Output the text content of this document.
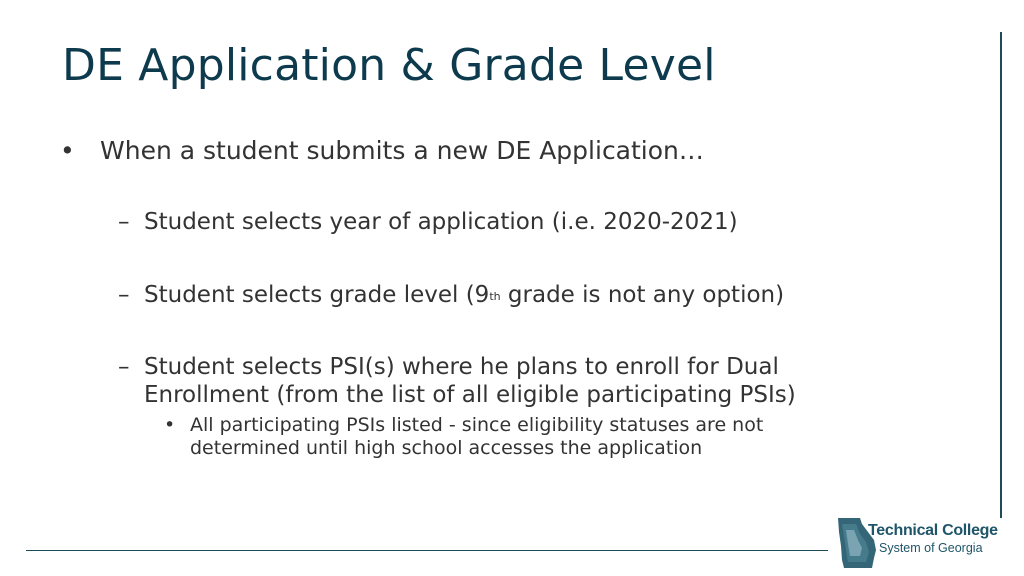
DE Application & Grade Level
• When a student submits a new DE Application…
– Student selects year of application (i.e. 2020-2021)
– Student selects grade level (9th grade is not any option)
– Student selects PSI(s) where he plans to enroll for Dual
Enrollment (from the list of all eligible participating PSIs)
• All participating PSIs listed - since eligibility statuses are not
determined until high school accesses the application
Technical College
System of Georgia
